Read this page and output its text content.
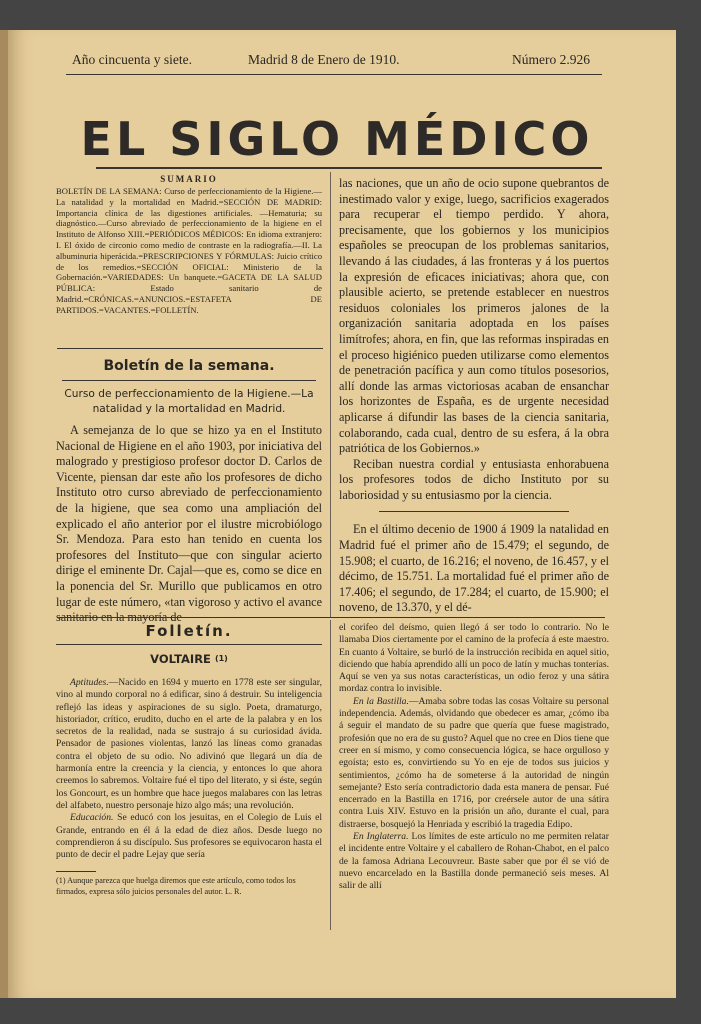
Año cincuenta y siete.	Madrid 8 de Enero de 1910.	Número 2.926
EL SIGLO MÉDICO
SUMARIO
BOLETÍN DE LA SEMANA: Curso de perfeccionamiento de la Higiene.—La natalidad y la mortalidad en Madrid.=SECCIÓN DE MADRID: Importancia clínica de las digestiones artificiales. —Hematuria; su diagnóstico.—Curso abreviado de perfeccionamiento de la higiene en el Instituto de Alfonso XIII.=PERIÓDICOS MÉDICOS: En idioma extranjero: I. El óxido de circonio como medio de contraste en la radiografía.—II. La albuminuria hiperácida.=PRESCRIPCIONES Y FÓRMULAS: Juicio crítico de los remedios.=SECCIÓN OFICIAL: Ministerio de la Gobernación.=VARIEDADES: Un banquete.=GACETA DE LA SALUD PÚBLICA: Estado sanitario de Madrid.=CRÓNICAS.=ANUNCIOS.=ESTAFETA DE PARTIDOS.=VACANTES.=FOLLETÍN.
Boletín de la semana.

Curso de perfeccionamiento de la Higiene.—La natalidad y la mortalidad en Madrid.

A semejanza de lo que se hizo ya en el Instituto Nacional de Higiene en el año 1903, por iniciativa del malogrado y prestigioso profesor doctor D. Carlos de Vicente, piensan dar este año los profesores de dicho Instituto otro curso abreviado de perfeccionamiento de la higiene, que sea como una ampliación del explicado el año anterior por el ilustre microbiólogo Sr. Mendoza. Para esto han tenido en cuenta los profesores del Instituto—que con singular acierto dirige el eminente Dr. Cajal—que es, como se dice en la ponencia del Sr. Murillo que publicamos en otro lugar de este número, «tan vigoroso y activo el avance sanitario en la mayoría de

las naciones, que un año de ocio supone quebrantos de inestimado valor y exige, luego, sacrificios exagerados para recuperar el tiempo perdido. Y ahora, precisamente, que los gobiernos y los municipios españoles se preocupan de los problemas sanitarios, llevando á las ciudades, á las fronteras y á los puertos la expresión de eficaces iniciativas; ahora que, con plausible acierto, se pretende establecer en nuestros residuos coloniales los primeros jalones de la organización sanitaria adoptada en los países limítrofes; ahora, en fin, que las reformas inspiradas en el proceso higiénico pueden utilizarse como elementos de penetración pacífica y aun como títulos posesorios, allí donde las armas victoriosas acaban de ensanchar los horizontes de España, es de urgente necesidad aplicarse á difundir las bases de la ciencia sanitaria, colaborando, cada cual, dentro de su esfera, á la obra patriótica de los Gobiernos.»

Reciban nuestra cordial y entusiasta enhorabuena los profesores todos de dicho Instituto por su laboriosidad y su entusiasmo por la ciencia.

En el último decenio de 1900 á 1909 la natalidad en Madrid fué el primer año de 15.479; el segundo, de 15.908; el cuarto, de 16.216; el noveno, de 16.457, y el décimo, de 15.751. La mortalidad fué el primer año de 17.406; el segundo, de 17.284; el cuarto, de 15.900; el noveno, de 13.370, y el dé-

Folletín.
VOLTAIRE $^{(1)}$

Aptitudes.—Nacido en 1694 y muerto en 1778 este ser singular, vino al mundo corporal no á edificar, sino á destruir. Su inteligencia reflejó las ideas y aspiraciones de su siglo. Poeta, dramaturgo, historiador, crítico, erudito, ducho en el arte de la palabra y en los secretos de la realidad, nada se sustrajo á su curiosidad ávida. Pensador de pasiones violentas, lanzó las líneas como granadas contra el objeto de su odio. No adivinó que llegará un día de harmonía entre la creencia y la ciencia, y entonces lo que ahora creemos lo sabremos. Voltaire fué el tipo del literato, y si éste, según los Goncourt, es un hombre que hace juegos malabares con las letras del alfabeto, nuestro personaje hizo algo más; una revolución.

Educación. Se educó con los jesuitas, en el Colegio de Luis el Grande, entrando en él á la edad de diez años. Desde luego no comprendieron á su discípulo. Sus profesores se equivocaron hasta el punto de decir el padre Lejay que sería

(1) Aunque parezca que huelga diremos que este artículo, como todos los firmados, expresa sólo juicios personales del autor. L. R.

el corifeo del deísmo, quien llegó á ser todo lo contrario. No le llamaba Dios ciertamente por el camino de la profecía á este maestro. En cuanto á Voltaire, se burló de la instrucción recibida en aquel sitio, diciendo que había aprendido allí un poco de latín y muchas tonterías. Aquí se ven ya sus notas características, un odio feroz y una sátira mordaz contra lo invisible.

En la Bastilla.—Amaba sobre todas las cosas Voltaire su personal independencia. Además, olvidando que obedecer es amar, ¿cómo iba á seguir el mandato de su padre que quería que fuese magistrado, profesión que no era de su gusto? Aquel que no cree en Dios tiene que creer en sí mismo, y como consecuencia lógica, se hace orgulloso y egoísta; esto es, convirtiendo su Yo en eje de todos sus juicios y sentimientos, ¿cómo ha de someterse á la autoridad de ningún semejante? Esto sería contradictorio dada esta manera de pensar. Fué encerrado en la Bastilla en 1716, por creérsele autor de una sátira contra Luis XIV. Estuvo en la prisión un año, durante el cual, para distraerse, bosquejó la Henriada y escribió la tragedia Edipo.

En Inglaterra. Los límites de este artículo no me permiten relatar el incidente entre Voltaire y el caballero de Rohan-Chabot, en el palco de la famosa Adriana Lecouvreur. Baste saber que por él se vió de nuevo encarcelado en la Bastilla donde permaneció seis meses. Al salir de allí
